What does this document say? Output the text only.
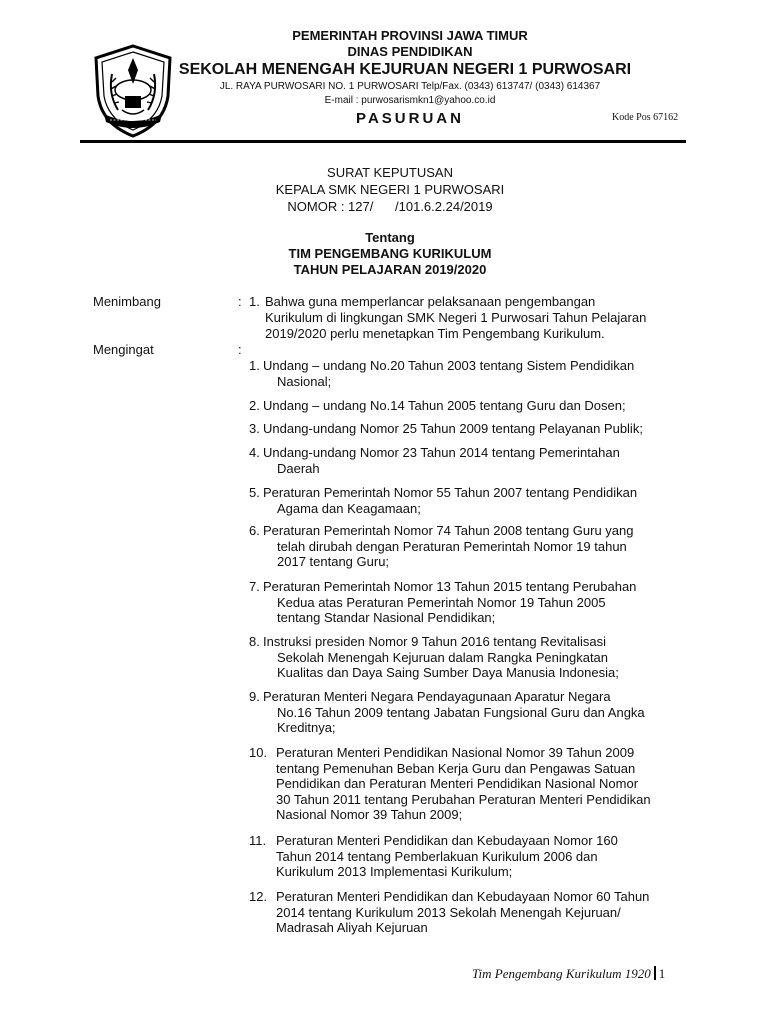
PEMERINTAH PROVINSI JAWA TIMUR
DINAS PENDIDIKAN
SEKOLAH MENENGAH KEJURUAN NEGERI 1 PURWOSARI
JL. RAYA PURWOSARI NO. 1 PURWOSARI Telp/Fax. (0343) 613747/ (0343) 614367
E-mail : purwosarismkn1@yahoo.co.id
PASURUAN	Kode Pos 67162
SURAT KEPUTUSAN
KEPALA SMK NEGERI 1 PURWOSARI
NOMOR : 127/      /101.6.2.24/2019
Tentang
TIM PENGEMBANG KURIKULUM
TAHUN PELAJARAN 2019/2020
Menimbang	: 1. Bahwa guna memperlancar pelaksanaan pengembangan
Kurikulum di lingkungan SMK Negeri 1 Purwosari Tahun Pelajaran
2019/2020 perlu menetapkan Tim Pengembang Kurikulum.
Mengingat	:
1. Undang – undang No.20 Tahun 2003 tentang Sistem Pendidikan
Nasional;
2. Undang – undang No.14 Tahun 2005 tentang Guru dan Dosen;
3. Undang-undang Nomor 25 Tahun 2009 tentang Pelayanan Publik;
4. Undang-undang Nomor 23 Tahun 2014 tentang Pemerintahan
Daerah
5. Peraturan Pemerintah Nomor 55 Tahun 2007 tentang Pendidikan
Agama dan Keagamaan;
6. Peraturan Pemerintah Nomor 74 Tahun 2008 tentang Guru yang
telah dirubah dengan Peraturan Pemerintah Nomor 19 tahun
2017 tentang Guru;
7. Peraturan Pemerintah Nomor 13 Tahun 2015 tentang Perubahan
Kedua atas Peraturan Pemerintah Nomor 19 Tahun 2005
tentang Standar Nasional Pendidikan;
8. Instruksi presiden Nomor 9 Tahun 2016 tentang Revitalisasi
Sekolah Menengah Kejuruan dalam Rangka Peningkatan
Kualitas dan Daya Saing Sumber Daya Manusia Indonesia;
9. Peraturan Menteri Negara Pendayagunaan Aparatur Negara
No.16 Tahun 2009 tentang Jabatan Fungsional Guru dan Angka
Kreditnya;
10. Peraturan Menteri Pendidikan Nasional Nomor 39 Tahun 2009
tentang Pemenuhan Beban Kerja Guru dan Pengawas Satuan
Pendidikan dan Peraturan Menteri Pendidikan Nasional Nomor
30 Tahun 2011 tentang Perubahan Peraturan Menteri Pendidikan
Nasional Nomor 39 Tahun 2009;
11. Peraturan Menteri Pendidikan dan Kebudayaan Nomor 160
Tahun 2014 tentang Pemberlakuan Kurikulum 2006 dan
Kurikulum 2013 Implementasi Kurikulum;
12. Peraturan Menteri Pendidikan dan Kebudayaan Nomor 60 Tahun
2014 tentang Kurikulum 2013 Sekolah Menengah Kejuruan/
Madrasah Aliyah Kejuruan
Tim Pengembang Kurikulum 1920 1
